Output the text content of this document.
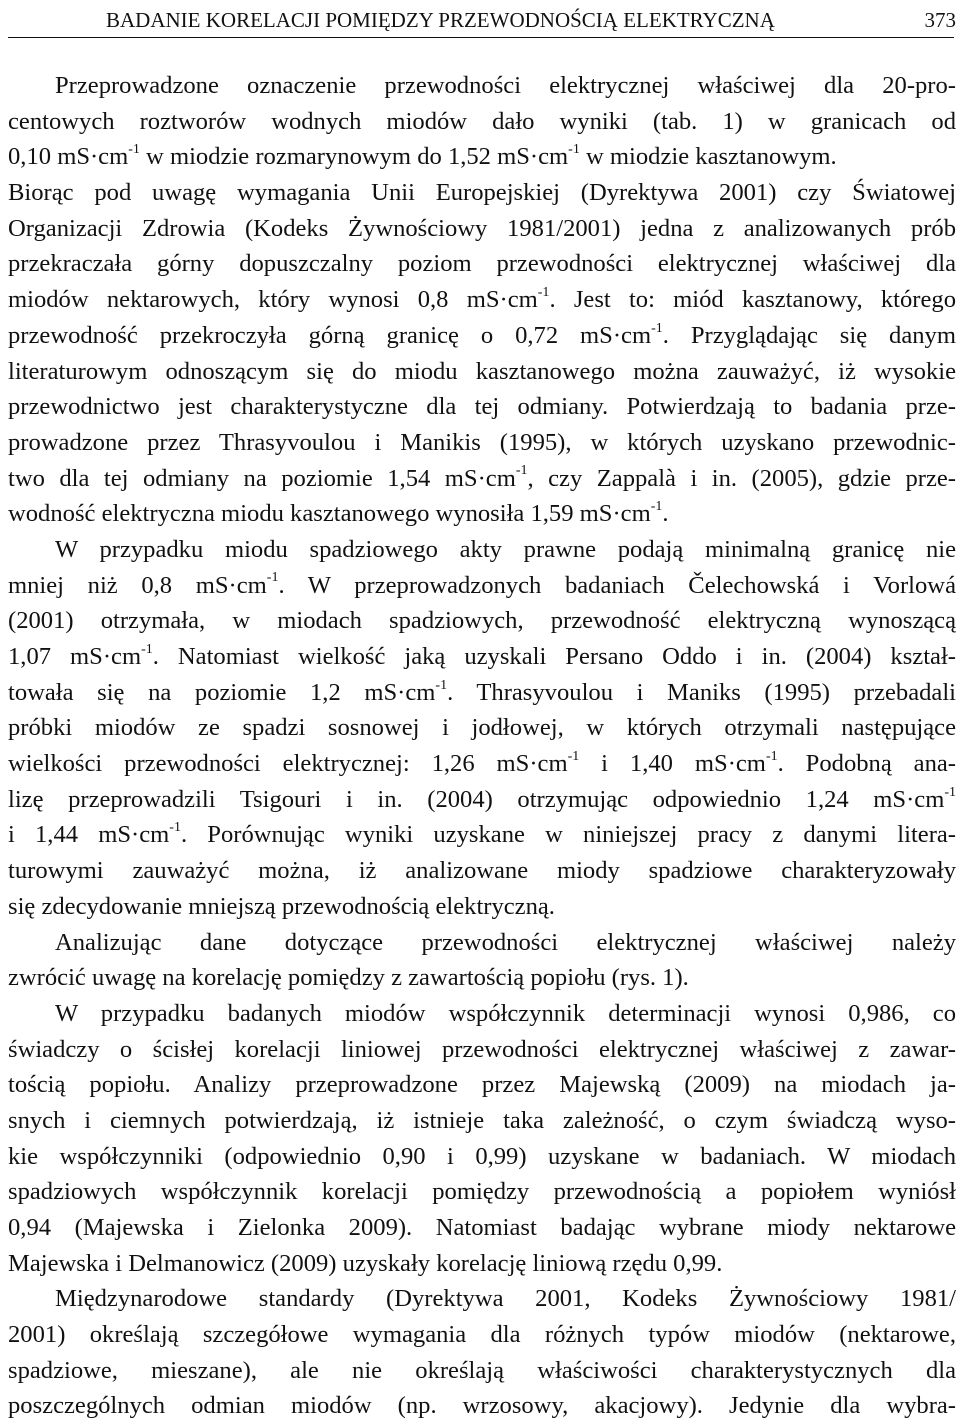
BADANIE KORELACJI POMIĘDZY PRZEWODNOŚCIĄ ELEKTRYCZNĄ	373
Przeprowadzone oznaczenie przewodności elektrycznej właściwej dla 20-pro-
centowych roztworów wodnych miodów dało wyniki (tab. 1) w granicach od
0,10 $mS\cdot cm^{-1}$ w miodzie rozmarynowym do 1,52 $mS\cdot cm^{-1}$ w miodzie kasztanowym.
Biorąc pod uwagę wymagania Unii Europejskiej (Dyrektywa 2001) czy Światowej
Organizacji Zdrowia (Kodeks Żywnościowy 1981/2001) jedna z analizowanych prób
przekraczała górny dopuszczalny poziom przewodności elektrycznej właściwej dla
miodów nektarowych, który wynosi 0,8 $mS\cdot cm^{-1}$. Jest to: miód kasztanowy, którego
przewodność przekroczyła górną granicę o 0,72 $mS\cdot cm^{-1}$. Przyglądając się danym
literaturowym odnoszącym się do miodu kasztanowego można zauważyć, iż wysokie
przewodnictwo jest charakterystyczne dla tej odmiany. Potwierdzają to badania prze-
prowadzone przez Thrasyvoulou i Manikis (1995), w których uzyskano przewodnic-
two dla tej odmiany na poziomie 1,54 $mS\cdot cm^{-1}$, czy Zappalà i in. (2005), gdzie prze-
wodność elektryczna miodu kasztanowego wynosiła 1,59 $mS\cdot cm^{-1}$.
W przypadku miodu spadziowego akty prawne podają minimalną granicę nie
mniej niż 0,8 $mS\cdot cm^{-1}$. W przeprowadzonych badaniach Čelechowská i Vorlowá
(2001) otrzymała, w miodach spadziowych, przewodność elektryczną wynoszącą
1,07 $mS\cdot cm^{-1}$. Natomiast wielkość jaką uzyskali Persano Oddo i in. (2004) kształ-
towała się na poziomie 1,2 $mS\cdot cm^{-1}$. Thrasyvoulou i Maniks (1995) przebadali
próbki miodów ze spadzi sosnowej i jodłowej, w których otrzymali następujące
wielkości przewodności elektrycznej: 1,26 $mS\cdot cm^{-1}$ i 1,40 $mS\cdot cm^{-1}$. Podobną ana-
lizę przeprowadzili Tsigouri i in. (2004) otrzymując odpowiednio 1,24 $mS\cdot cm^{-1}$
i 1,44 $mS\cdot cm^{-1}$. Porównując wyniki uzyskane w niniejszej pracy z danymi litera-
turowymi zauważyć można, iż analizowane miody spadziowe charakteryzowały
się zdecydowanie mniejszą przewodnością elektryczną.
Analizując dane dotyczące przewodności elektrycznej właściwej należy
zwrócić uwagę na korelację pomiędzy z zawartością popiołu (rys. 1).
W przypadku badanych miodów współczynnik determinacji wynosi 0,986, co
świadczy o ścisłej korelacji liniowej przewodności elektrycznej właściwej z zawar-
tością popiołu. Analizy przeprowadzone przez Majewską (2009) na miodach ja-
snych i ciemnych potwierdzają, iż istnieje taka zależność, o czym świadczą wyso-
kie współczynniki (odpowiednio 0,90 i 0,99) uzyskane w badaniach. W miodach
spadziowych współczynnik korelacji pomiędzy przewodnością a popiołem wyniósł
0,94 (Majewska i Zielonka 2009). Natomiast badając wybrane miody nektarowe
Majewska i Delmanowicz (2009) uzyskały korelację liniową rzędu 0,99.
Międzynarodowe standardy (Dyrektywa 2001, Kodeks Żywnościowy 1981/
2001) określają szczegółowe wymagania dla różnych typów miodów (nektarowe,
spadziowe, mieszane), ale nie określają właściwości charakterystycznych dla
poszczególnych odmian miodów (np. wrzosowy, akacjowy). Jedynie dla wybra-
